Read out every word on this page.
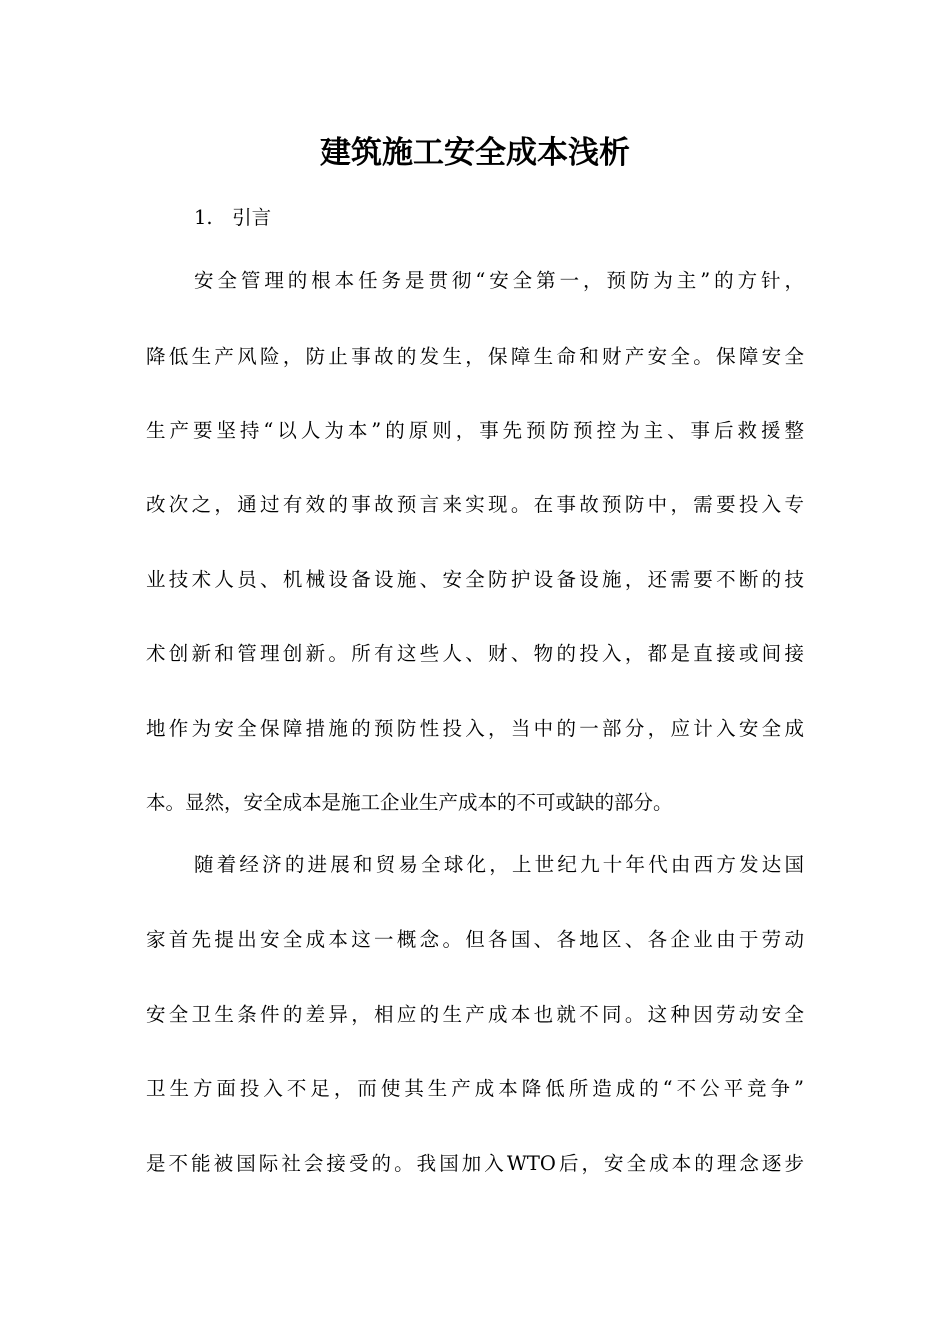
建筑施工安全成本浅析
1.　引言

安全管理的根本任务是贯彻“安全第一，预防为主”的方针，

降低生产风险，防止事故的发生，保障生命和财产安全。保障安全

生产要坚持“以人为本”的原则，事先预防预控为主、事后救援整

改次之，通过有效的事故预言来实现。在事故预防中，需要投入专

业技术人员、机械设备设施、安全防护设备设施，还需要不断的技

术创新和管理创新。所有这些人、财、物的投入，都是直接或间接

地作为安全保障措施的预防性投入，当中的一部分，应计入安全成

本。显然，安全成本是施工企业生产成本的不可或缺的部分。

随着经济的进展和贸易全球化，上世纪九十年代由西方发达国

家首先提出安全成本这一概念。但各国、各地区、各企业由于劳动

安全卫生条件的差异，相应的生产成本也就不同。这种因劳动安全

卫生方面投入不足，而使其生产成本降低所造成的“不公平竞争”

是不能被国际社会接受的。我国加入WTO后，安全成本的理念逐步
